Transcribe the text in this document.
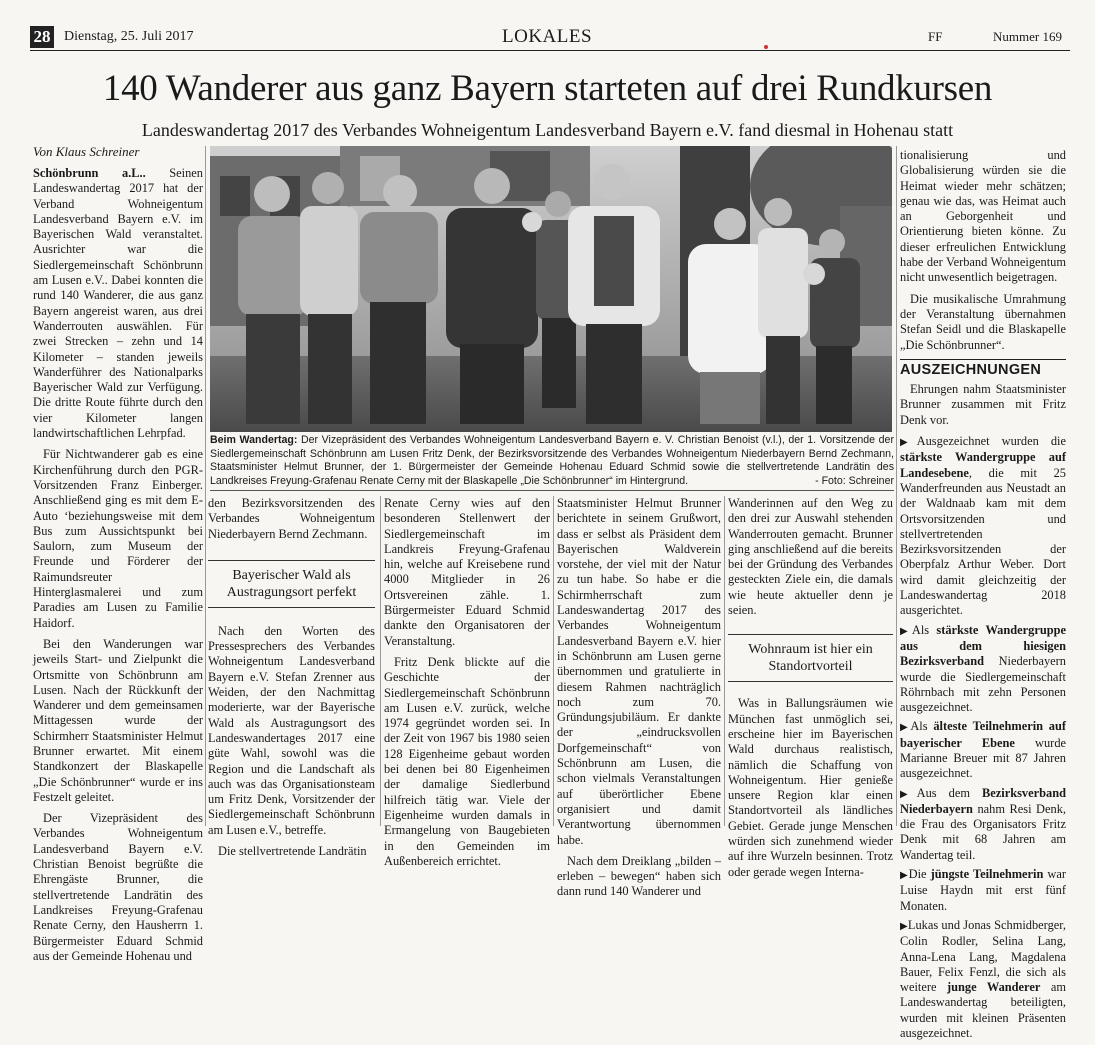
28 Dienstag, 25. Juli 2017	LOKALES	FF	Nummer 169
140 Wanderer aus ganz Bayern starteten auf drei Rundkursen
Landeswandertag 2017 des Verbandes Wohneigentum Landesverband Bayern e.V. fand diesmal in Hohenau statt
Von Klaus Schreiner

Schönbrunn a.L.. Seinen Landeswandertag 2017 hat der Verband Wohneigentum Landesverband Bayern e.V. im Bayerischen Wald veranstaltet. Ausrichter war die Siedlergemeinschaft Schönbrunn am Lusen e.V.. Dabei konnten die rund 140 Wanderer, die aus ganz Bayern angereist waren, aus drei Wanderrouten auswählen. Für zwei Strecken – zehn und 14 Kilometer – standen jeweils Wanderführer des Nationalparks Bayerischer Wald zur Verfügung. Die dritte Route führte durch den vier Kilometer langen landwirtschaftlichen Lehrpfad.

Für Nichtwanderer gab es eine Kirchenführung durch den PGR-Vorsitzenden Franz Einberger. Anschließend ging es mit dem E-Auto ‘beziehungsweise mit dem Bus zum Aussichtspunkt bei Saulorn, zum Museum der Freunde und Förderer der Raimundsreuter Hinterglasmalerei und zum Paradies am Lusen zu Familie Haidorf.

Bei den Wanderungen war jeweils Start- und Zielpunkt die Ortsmitte von Schönbrunn am Lusen. Nach der Rückkunft der Wanderer und dem gemeinsamen Mittagessen wurde der Schirmherr Staatsminister Helmut Brunner erwartet. Mit einem Standkonzert der Blaskapelle „Die Schönbrunner“ wurde er ins Festzelt geleitet.

Der Vizepräsident des Verbandes Wohneigentum Landesverband Bayern e.V. Christian Benoist begrüßte die Ehrengäste Brunner, die stellvertretende Landrätin des Landkreises Freyung-Grafenau Renate Cerny, den Hausherrn 1. Bürgermeister Eduard Schmid aus der Gemeinde Hohenau und

Beim Wandertag: Der Vizepräsident des Verbandes Wohneigentum Landesverband Bayern e. V. Christian Benoist (v.l.), der 1. Vorsitzende der Siedlergemeinschaft Schönbrunn am Lusen Fritz Denk, der Bezirksvorsitzende des Verbandes Wohneigentum Niederbayern Bernd Zechmann, Staatsminister Helmut Brunner, der 1. Bürgermeister der Gemeinde Hohenau Eduard Schmid sowie die stellvertretende Landrätin des Landkreises Freyung-Grafenau Renate Cerny mit der Blaskapelle „Die Schönbrunner“ im Hintergrund.	- Foto: Schreiner

den Bezirksvorsitzenden des Verbandes Wohneigentum Niederbayern Bernd Zechmann.

Bayerischer Wald als Austragungsort perfekt

Nach den Worten des Pressesprechers des Verbandes Wohneigentum Landesverband Bayern e.V. Stefan Zrenner aus Weiden, der den Nachmittag moderierte, war der Bayerische Wald als Austragungsort des Landeswandertages 2017 eine güte Wahl, sowohl was die Region und die Landschaft als auch was das Organisationsteam um Fritz Denk, Vorsitzender der Siedlergemeinschaft Schönbrunn am Lusen e.V., betreffe.

Die stellvertretende Landrätin

Renate Cerny wies auf den besonderen Stellenwert der Siedlergemeinschaft im Landkreis Freyung-Grafenau hin, welche auf Kreisebene rund 4000 Mitglieder in 26 Ortsvereinen zähle. 1. Bürgermeister Eduard Schmid dankte den Organisatoren der Veranstaltung.

Fritz Denk blickte auf die Geschichte der Siedlergemeinschaft Schönbrunn am Lusen e.V. zurück, welche 1974 gegründet worden sei. In der Zeit von 1967 bis 1980 seien 128 Eigenheime gebaut worden bei denen bei 80 Eigenheimen der damalige Siedlerbund hilfreich tätig war. Viele der Eigenheime wurden damals in Ermangelung von Baugebieten in den Gemeinden im Außenbereich errichtet.

Staatsminister Helmut Brunner berichtete in seinem Grußwort, dass er selbst als Präsident dem Bayerischen Waldverein vorstehe, der viel mit der Natur zu tun habe. So habe er die Schirmherrschaft zum Landeswandertag 2017 des Verbandes Wohneigentum Landesverband Bayern e.V. hier in Schönbrunn am Lusen gerne übernommen und gratulierte in diesem Rahmen nachträglich noch zum 70. Gründungsjubiläum. Er dankte der „eindrucksvollen Dorfgemeinschaft“ von Schönbrunn am Lusen, die schon vielmals Veranstaltungen auf überörtlicher Ebene organisiert und damit Verantwortung übernommen habe.

Nach dem Dreiklang „bilden – erleben – bewegen“ haben sich dann rund 140 Wanderer und

Wanderinnen auf den Weg zu den drei zur Auswahl stehenden Wanderrouten gemacht. Brunner ging anschließend auf die bereits bei der Gründung des Verbandes gesteckten Ziele ein, die damals wie heute aktueller denn je seien.

Wohnraum ist hier ein Standortvorteil

Was in Ballungsräumen wie München fast unmöglich sei, erscheine hier im Bayerischen Wald durchaus realistisch, nämlich die Schaffung von Wohneigentum. Hier genieße unsere Region klar einen Standortvorteil als ländliches Gebiet. Gerade junge Menschen würden sich zunehmend wieder auf ihre Wurzeln besinnen. Trotz oder gerade wegen Interna-

tionalisierung und Globalisierung würden sie die Heimat wieder mehr schätzen; genau wie das, was Heimat auch an Geborgenheit und Orientierung bieten könne. Zu dieser erfreulichen Entwicklung habe der Verband Wohneigentum nicht unwesentlich beigetragen.

Die musikalische Umrahmung der Veranstaltung übernahmen Stefan Seidl und die Blaskapelle „Die Schönbrunner“.

AUSZEICHNUNGEN

Ehrungen nahm Staatsminister Brunner zusammen mit Fritz Denk vor.

▶Ausgezeichnet wurden die stärkste Wandergruppe auf Landesebene, die mit 25 Wanderfreunden aus Neustadt an der Waldnaab kam mit dem Ortsvorsitzenden und stellvertretenden Bezirksvorsitzenden der Oberpfalz Arthur Weber. Dort wird damit gleichzeitig der Landeswandertag 2018 ausgerichtet.

▶Als stärkste Wandergruppe aus dem hiesigen Bezirksverband Niederbayern wurde die Siedlergemeinschaft Röhrnbach mit zehn Personen ausgezeichnet.

▶Als älteste Teilnehmerin auf bayerischer Ebene wurde Marianne Breuer mit 87 Jahren ausgezeichnet.

▶Aus dem Bezirksverband Niederbayern nahm Resi Denk, die Frau des Organisators Fritz Denk mit 68 Jahren am Wandertag teil.

▶Die jüngste Teilnehmerin war Luise Haydn mit erst fünf Monaten.

▶Lukas und Jonas Schmidberger, Colin Rodler, Selina Lang, Anna-Lena Lang, Magdalena Bauer, Felix Fenzl, die sich als weitere junge Wanderer am Landeswandertag beteiligten, wurden mit kleinen Präsenten ausgezeichnet.
